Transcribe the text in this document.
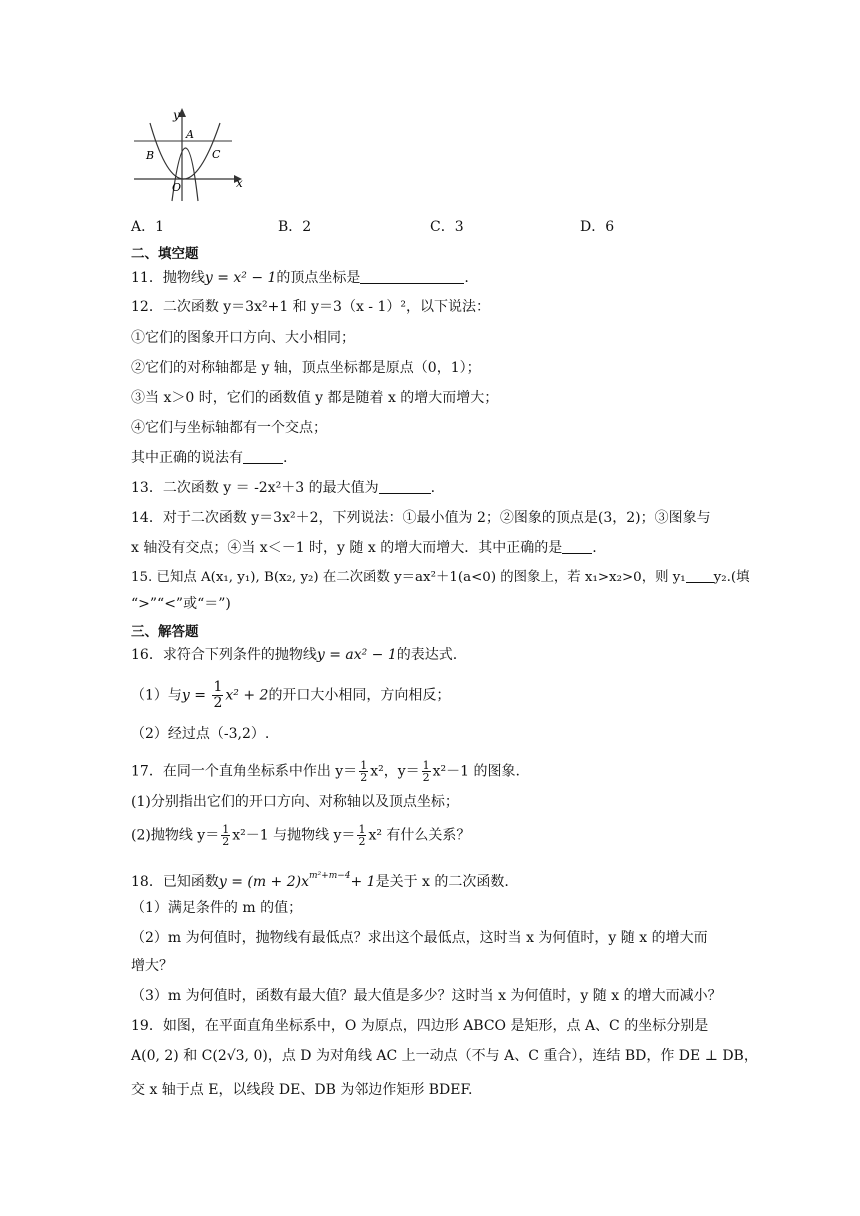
y
x
A
B	C
O
A．1	B．2	C．3	D．6
二、填空题
11．抛物线y = x² − 1的顶点坐标是	.
12．二次函数 y＝3x²+1 和 y＝3（x - 1）²，以下说法：
①它们的图象开口方向、大小相同；
②它们的对称轴都是 y 轴，顶点坐标都是原点（0，1）；
③当 x＞0 时，它们的函数值 y 都是随着 x 的增大而增大；
④它们与坐标轴都有一个交点；
其中正确的说法有	.
13．二次函数 y ＝ -2x²＋3 的最大值为	.
14．对于二次函数 y＝3x²＋2，下列说法：①最小值为 2；②图象的顶点是(3，2)；③图象与
x 轴没有交点；④当 x＜－1 时，y 随 x 的增大而增大．其中正确的是 .
15. 已知点 A(x₁, y₁), B(x₂, y₂) 在二次函数 y＝ax²＋1(a<0) 的图象上，若 x₁>x₂>0，则 y₁ y₂.(填
“>”“<”或“＝”)
三、解答题
16．求符合下列条件的抛物线y = ax² − 1的表达式.
（1）与$y = \frac{1}{2} x^2 + 2$的开口大小相同，方向相反；
（2）经过点（-3,2）.
17．在同一个直角坐标系中作出 $y= \frac{1}{2} x^2$，$y= \frac{1}{2} x^2-1$ 的图象.
(1)分别指出它们的开口方向、对称轴以及顶点坐标；
(2)抛物线 $y= \frac{1}{2} x^2-1$ 与抛物线 $y= \frac{1}{2} x^2$ 有什么关系？
18．已知函数$y = (m + 2)x^{m^2+m-4}+ 1$是关于 x 的二次函数.
（1）满足条件的 m 的值；
（2）m 为何值时，抛物线有最低点？求出这个最低点，这时当 x 为何值时，y 随 x 的增大而
增大？
（3）m 为何值时，函数有最大值？最大值是多少？这时当 x 为何值时，y 随 x 的增大而减小？
19．如图，在平面直角坐标系中，O 为原点，四边形 ABCO 是矩形，点 A、C 的坐标分别是
A(0, 2) 和 C(2√3, 0)，点 D 为对角线 AC 上一动点（不与 A、C 重合），连结 BD，作 DE ⊥ DB，
交 x 轴于点 E，以线段 DE、DB 为邻边作矩形 BDEF.
